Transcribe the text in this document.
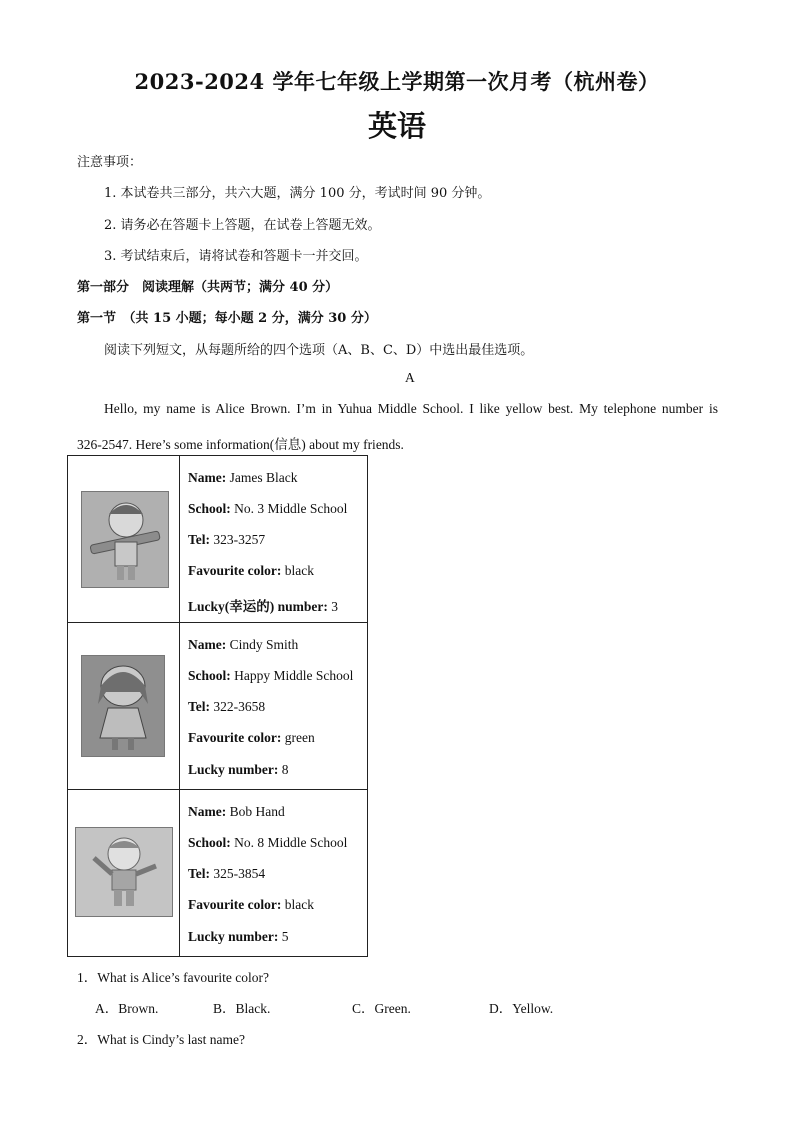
2023-2024 学年七年级上学期第一次月考（杭州卷）
英语
注意事项：
1. 本试卷共三部分，共六大题，满分 100 分，考试时间 90 分钟。
2. 请务必在答题卡上答题，在试卷上答题无效。
3. 考试结束后，请将试卷和答题卡一并交回。
第一部分　阅读理解（共两节；满分 40 分）
第一节　（共 15 小题；每小题 2 分，满分 30 分）
阅读下列短文，从每题所给的四个选项（A、B、C、D）中选出最佳选项。
A
Hello, my name is Alice Brown. I’m in Yuhua Middle School. I like yellow best. My telephone number is
326-2547. Here’s some information(信息) about my friends.

Name: James Black
School: No. 3 Middle School
Tel: 323-3257
Favourite color: black
Lucky(幸运的) number: 3

Name: Cindy Smith
School: Happy Middle School
Tel: 322-3658
Favourite color: green
Lucky number: 8

Name: Bob Hand
School: No. 8 Middle School
Tel: 325-3854
Favourite color: black
Lucky number: 5
1．What is Alice’s favourite color?
A．Brown.	B．Black.	C．Green.	D．Yellow.
2．What is Cindy’s last name?
